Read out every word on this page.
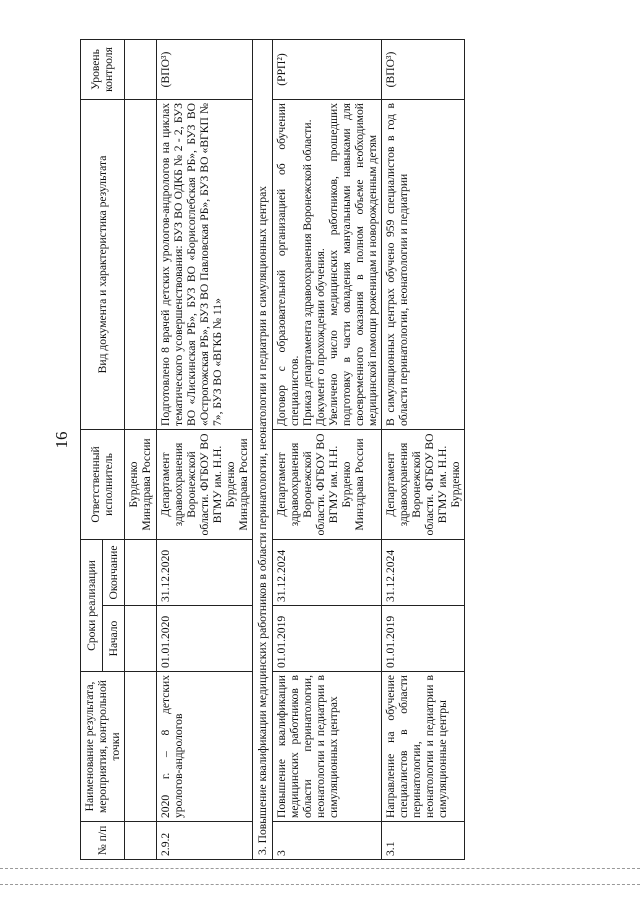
16
№ п/п	Наименование результата, мероприятия, контрольной точки	Сроки реализации		Ответственный исполнитель	Вид документа и характеристика результата	Уровень контроля
		Начало	Окончание			
				Бурденко Минздрава России		
2.9.2	2020 г. – 8 детских урологов-андрологов	01.01.2020	31.12.2020	Департамент здравоохранения Воронежской области. ФГБОУ ВО ВГМУ им. Н.Н. Бурденко Минздрава России	Подготовлено 8 врачей детских урологов-андрологов на циклах тематического усовершенствования: БУЗ ВО ОДКБ № 2 - 2, БУЗ ВО «Лискинская РБ», БУЗ ВО «Борисоглебская РБ», БУЗ ВО «Острогожская РБ», БУЗ ВО Павловская РБ», БУЗ ВО «ВГКП № 7», БУЗ ВО «ВГКБ № 11»	(ВПО³)
3. Повышение квалификации медицинских работников в области перинатологии, неонатологии и педиатрии в симуляционных центрах						
3	Повышение квалификации медицинских работников в области перинатологии, неонатологии и педиатрии в симуляционных центрах	01.01.2019	31.12.2024	Департамент здравоохранения Воронежской области. ФГБОУ ВО ВГМУ им. Н.Н. Бурденко Минздрава России	Договор с образовательной организацией об обучении специалистов. Приказ департамента здравоохранения Воронежской области. Документ о прохождении обучения. Увеличено число медицинских работников, прошедших подготовку в части овладения мануальными навыками для своевременного оказания в полном объеме необходимой медицинской помощи роженицам и новорожденным детям	(РРП²)
3.1	Направление на обучение специалистов в области перинатологии, неонатологии и педиатрии в симуляционные центры	01.01.2019	31.12.2024	Департамент здравоохранения Воронежской области. ФГБОУ ВО ВГМУ им. Н.Н. Бурденко	В симуляционных центрах обучено 959 специалистов в год в области перинатологии, неонатологии и педиатрии	(ВПО³)
